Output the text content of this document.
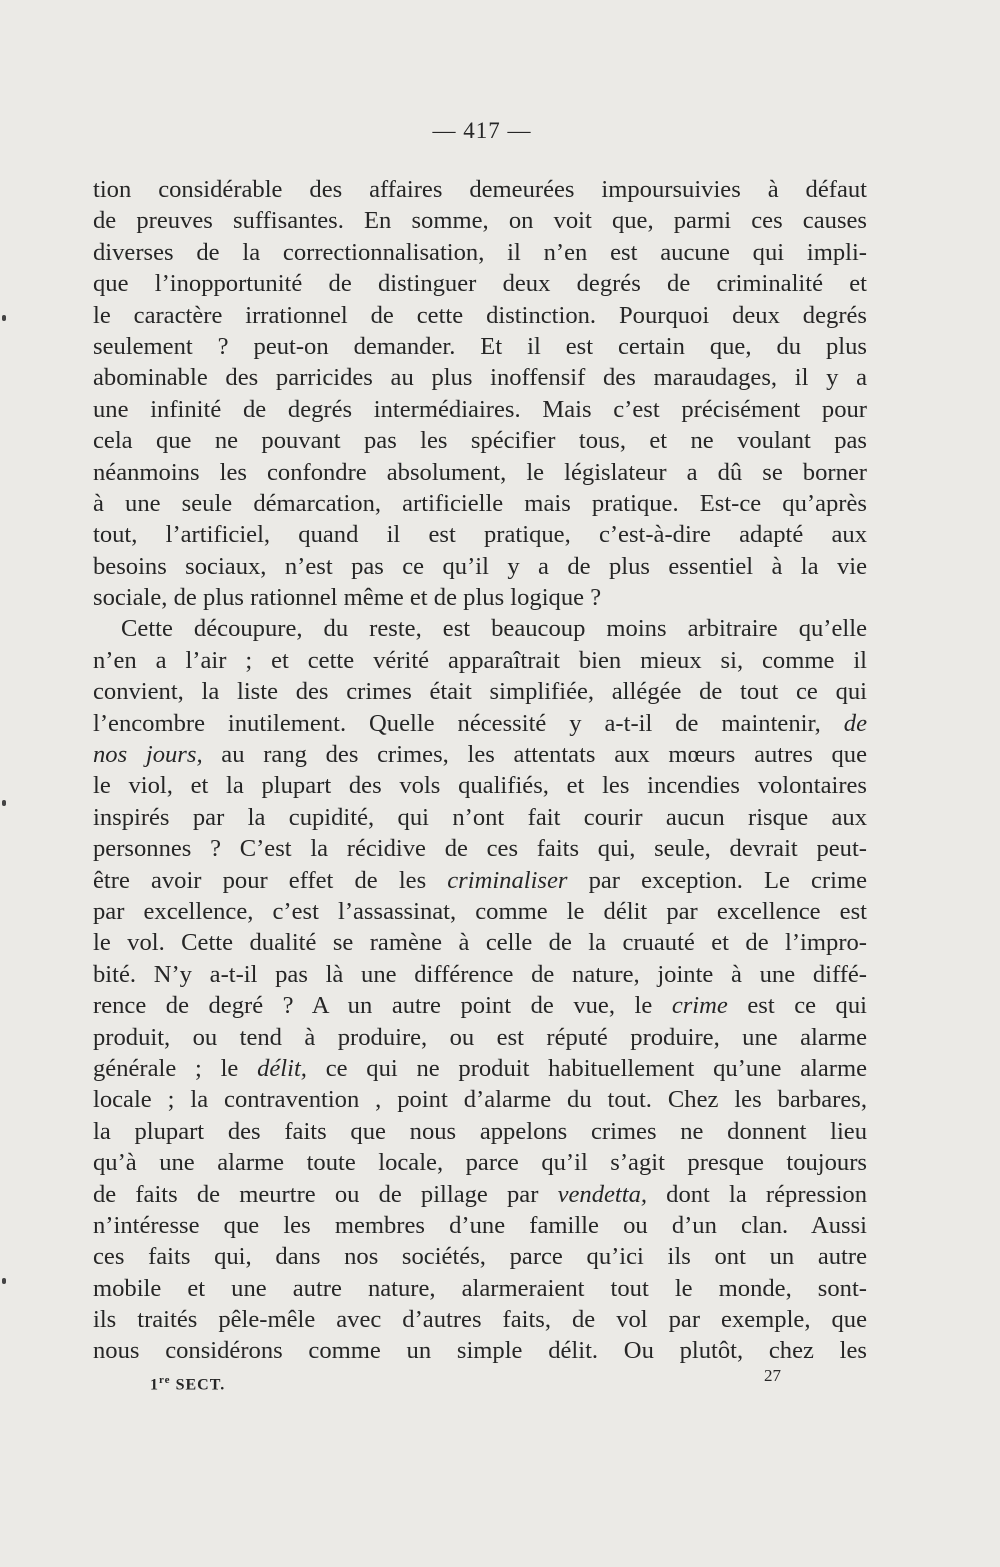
— 417 —
tion considérable des affaires demeurées impoursuivies à défaut
de preuves suffisantes. En somme, on voit que, parmi ces causes
diverses de la correctionnalisation, il n’en est aucune qui impli-
que l’inopportunité de distinguer deux degrés de criminalité et
le caractère irrationnel de cette distinction. Pourquoi deux degrés
seulement ? peut-on demander. Et il est certain que, du plus
abominable des parricides au plus inoffensif des maraudages, il y a
une infinité de degrés intermédiaires. Mais c’est précisément pour
cela que ne pouvant pas les spécifier tous, et ne voulant pas
néanmoins les confondre absolument, le législateur a dû se borner
à une seule démarcation, artificielle mais pratique. Est-ce qu’après
tout, l’artificiel, quand il est pratique, c’est-à-dire adapté aux
besoins sociaux, n’est pas ce qu’il y a de plus essentiel à la vie
sociale, de plus rationnel même et de plus logique ?
Cette découpure, du reste, est beaucoup moins arbitraire qu’elle
n’en a l’air ; et cette vérité apparaîtrait bien mieux si, comme il
convient, la liste des crimes était simplifiée, allégée de tout ce qui
l’encombre inutilement. Quelle nécessité y a-t-il de maintenir, de
nos jours, au rang des crimes, les attentats aux mœurs autres que
le viol, et la plupart des vols qualifiés, et les incendies volontaires
inspirés par la cupidité, qui n’ont fait courir aucun risque aux
personnes ? C’est la récidive de ces faits qui, seule, devrait peut-
être avoir pour effet de les criminaliser par exception. Le crime
par excellence, c’est l’assassinat, comme le délit par excellence est
le vol. Cette dualité se ramène à celle de la cruauté et de l’impro-
bité. N’y a-t-il pas là une différence de nature, jointe à une diffé-
rence de degré ? A un autre point de vue, le crime est ce qui
produit, ou tend à produire, ou est réputé produire, une alarme
générale ; le délit, ce qui ne produit habituellement qu’une alarme
locale ; la contravention , point d’alarme du tout. Chez les barbares,
la plupart des faits que nous appelons crimes ne donnent lieu
qu’à une alarme toute locale, parce qu’il s’agit presque toujours
de faits de meurtre ou de pillage par vendetta, dont la répression
n’intéresse que les membres d’une famille ou d’un clan. Aussi
ces faits qui, dans nos sociétés, parce qu’ici ils ont un autre
mobile et une autre nature, alarmeraient tout le monde, sont-
ils traités pêle-mêle avec d’autres faits, de vol par exemple, que
nous considérons comme un simple délit. Ou plutôt, chez les
1re SECT.	27
